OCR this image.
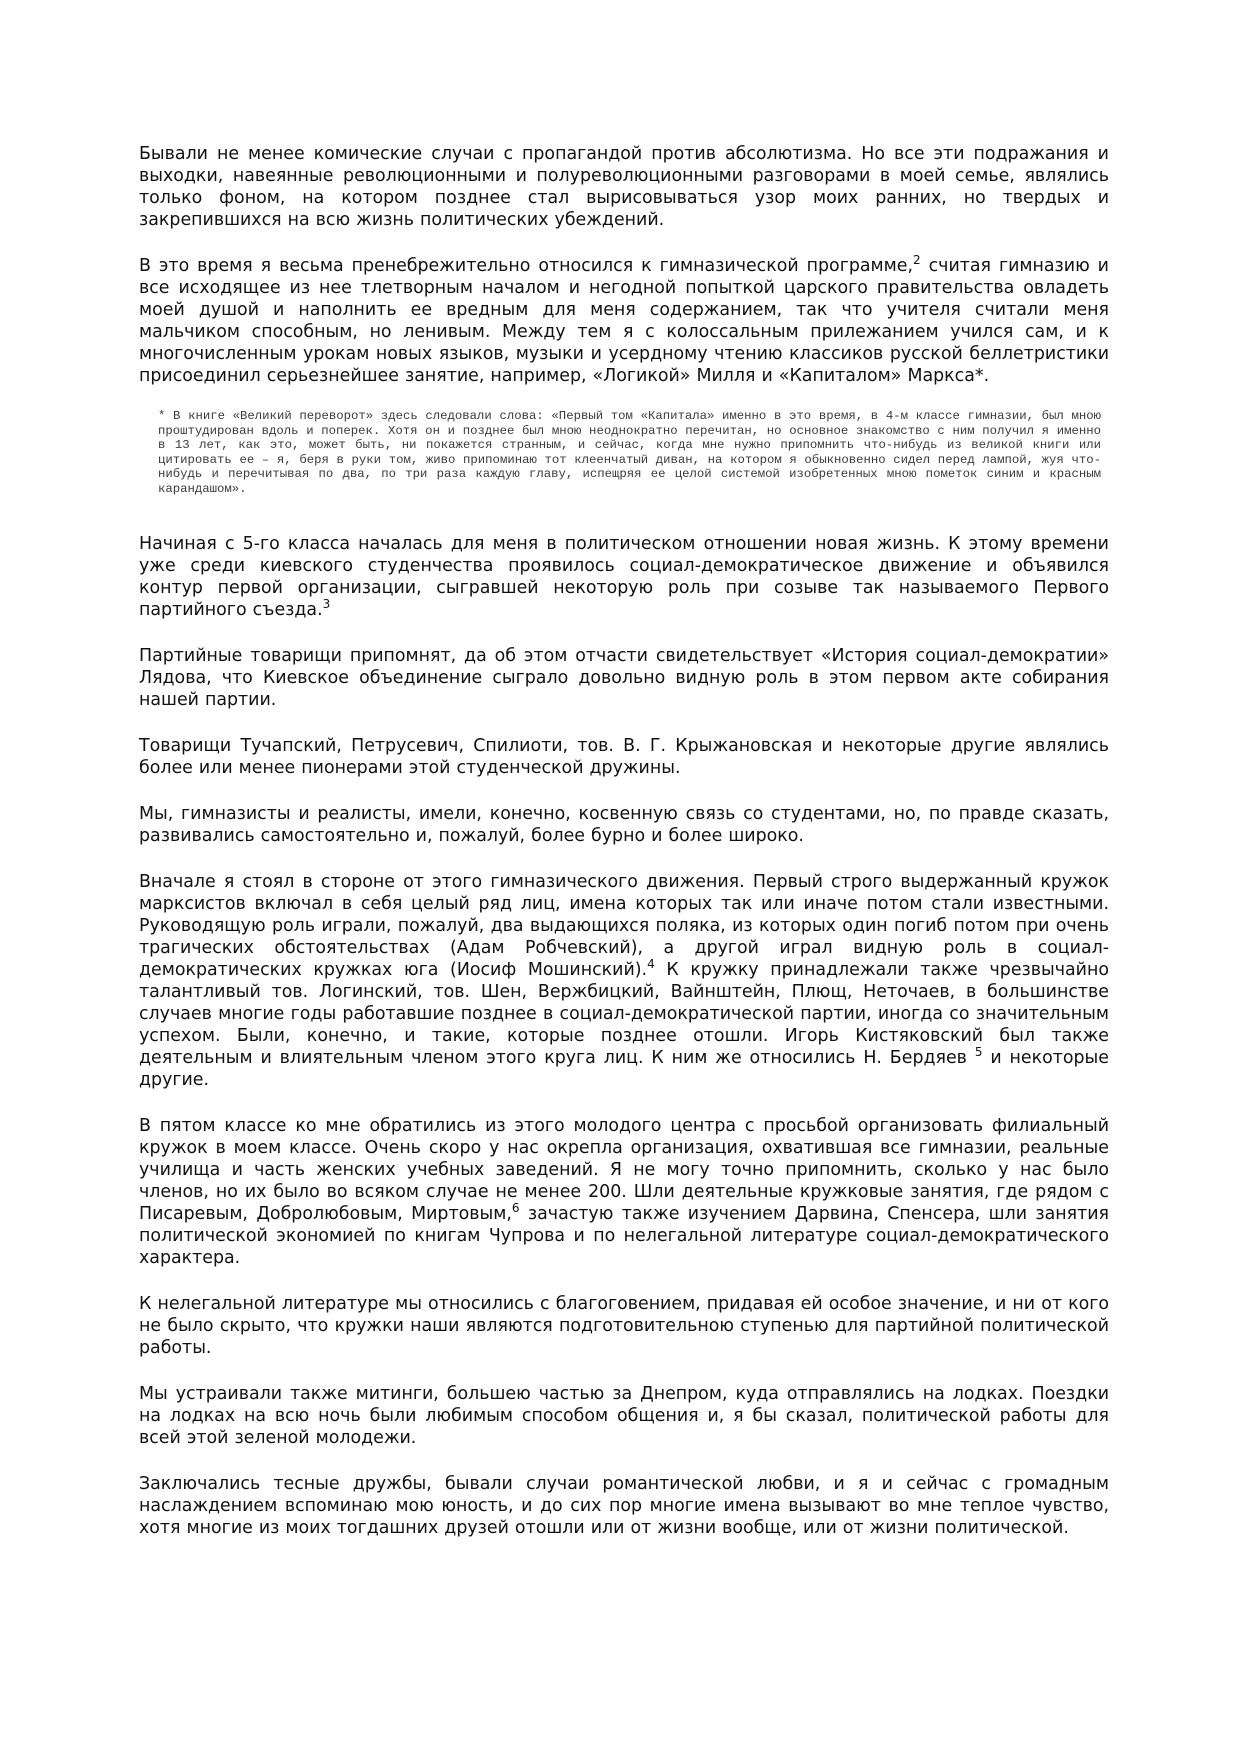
Бывали не менее комические случаи с пропагандой против абсолютизма. Но все эти подражания и выходки, навеянные революционными и полуреволюционными разговорами в моей семье, являлись только фоном, на котором позднее стал вырисовываться узор моих ранних, но твердых и закрепившихся на всю жизнь политических убеждений.

В это время я весьма пренебрежительно относился к гимназической программе,$^2$ считая гимназию и все исходящее из нее тлетворным началом и негодной попыткой царского правительства овладеть моей душой и наполнить ее вредным для меня содержанием, так что учителя считали меня мальчиком способным, но ленивым. Между тем я с колоссальным прилежанием учился сам, и к многочисленным урокам новых языков, музыки и усердному чтению классиков русской беллетристики присоединил серьезнейшее занятие, например, «Логикой» Милля и «Капиталом» Маркса*.

* В книге «Великий переворот» здесь следовали слова: «Первый том «Капитала» именно в это время, в 4-м классе гимназии, был мною проштудирован вдоль и поперек. Хотя он и позднее был мною неоднократно перечитан, но основное знакомство с ним получил я именно в 13 лет, как это, может быть, ни покажется странным, и сейчас, когда мне нужно припомнить что-нибудь из великой книги или цитировать ее – я, беря в руки том, живо припоминаю тот клеенчатый диван, на котором я обыкновенно сидел перед лампой, жуя что-нибудь и перечитывая по два, по три раза каждую главу, испещряя ее целой системой изобретенных мною пометок синим и красным карандашом».

Начиная с 5-го класса началась для меня в политическом отношении новая жизнь. К этому времени уже среди киевского студенчества проявилось социал-демократическое движение и объявился контур первой организации, сыгравшей некоторую роль при созыве так называемого Первого партийного съезда.$^3$

Партийные товарищи припомнят, да об этом отчасти свидетельствует «История социал-демократии» Лядова, что Киевское объединение сыграло довольно видную роль в этом первом акте собирания нашей партии.

Товарищи Тучапский, Петрусевич, Спилиоти, тов. В. Г. Крыжановская и некоторые другие являлись более или менее пионерами этой студенческой дружины.

Мы, гимназисты и реалисты, имели, конечно, косвенную связь со студентами, но, по правде сказать, развивались самостоятельно и, пожалуй, более бурно и более широко.

Вначале я стоял в стороне от этого гимназического движения. Первый строго выдержанный кружок марксистов включал в себя целый ряд лиц, имена которых так или иначе потом стали известными. Руководящую роль играли, пожалуй, два выдающихся поляка, из которых один погиб потом при очень трагических обстоятельствах (Адам Робчевский), а другой играл видную роль в социал-демократических кружках юга (Иосиф Мошинский).$^4$ К кружку принадлежали также чрезвычайно талантливый тов. Логинский, тов. Шен, Вержбицкий, Вайнштейн, Плющ, Неточаев, в большинстве случаев многие годы работавшие позднее в социал-демократической партии, иногда со значительным успехом. Были, конечно, и такие, которые позднее отошли. Игорь Кистяковский был также деятельным и влиятельным членом этого круга лиц. К ним же относились Н. Бердяев $^5$ и некоторые другие.

В пятом классе ко мне обратились из этого молодого центра с просьбой организовать филиальный кружок в моем классе. Очень скоро у нас окрепла организация, охватившая все гимназии, реальные училища и часть женских учебных заведений. Я не могу точно припомнить, сколько у нас было членов, но их было во всяком случае не менее 200. Шли деятельные кружковые занятия, где рядом с Писаревым, Добролюбовым, Миртовым,$^6$ зачастую также изучением Дарвина, Спенсера, шли занятия политической экономией по книгам Чупрова и по нелегальной литературе социал-демократического характера.

К нелегальной литературе мы относились с благоговением, придавая ей особое значение, и ни от кого не было скрыто, что кружки наши являются подготовительною ступенью для партийной политической работы.

Мы устраивали также митинги, большею частью за Днепром, куда отправлялись на лодках. Поездки на лодках на всю ночь были любимым способом общения и, я бы сказал, политической работы для всей этой зеленой молодежи.

Заключались тесные дружбы, бывали случаи романтической любви, и я и сейчас с громадным наслаждением вспоминаю мою юность, и до сих пор многие имена вызывают во мне теплое чувство, хотя многие из моих тогдашних друзей отошли или от жизни вообще, или от жизни политической.
